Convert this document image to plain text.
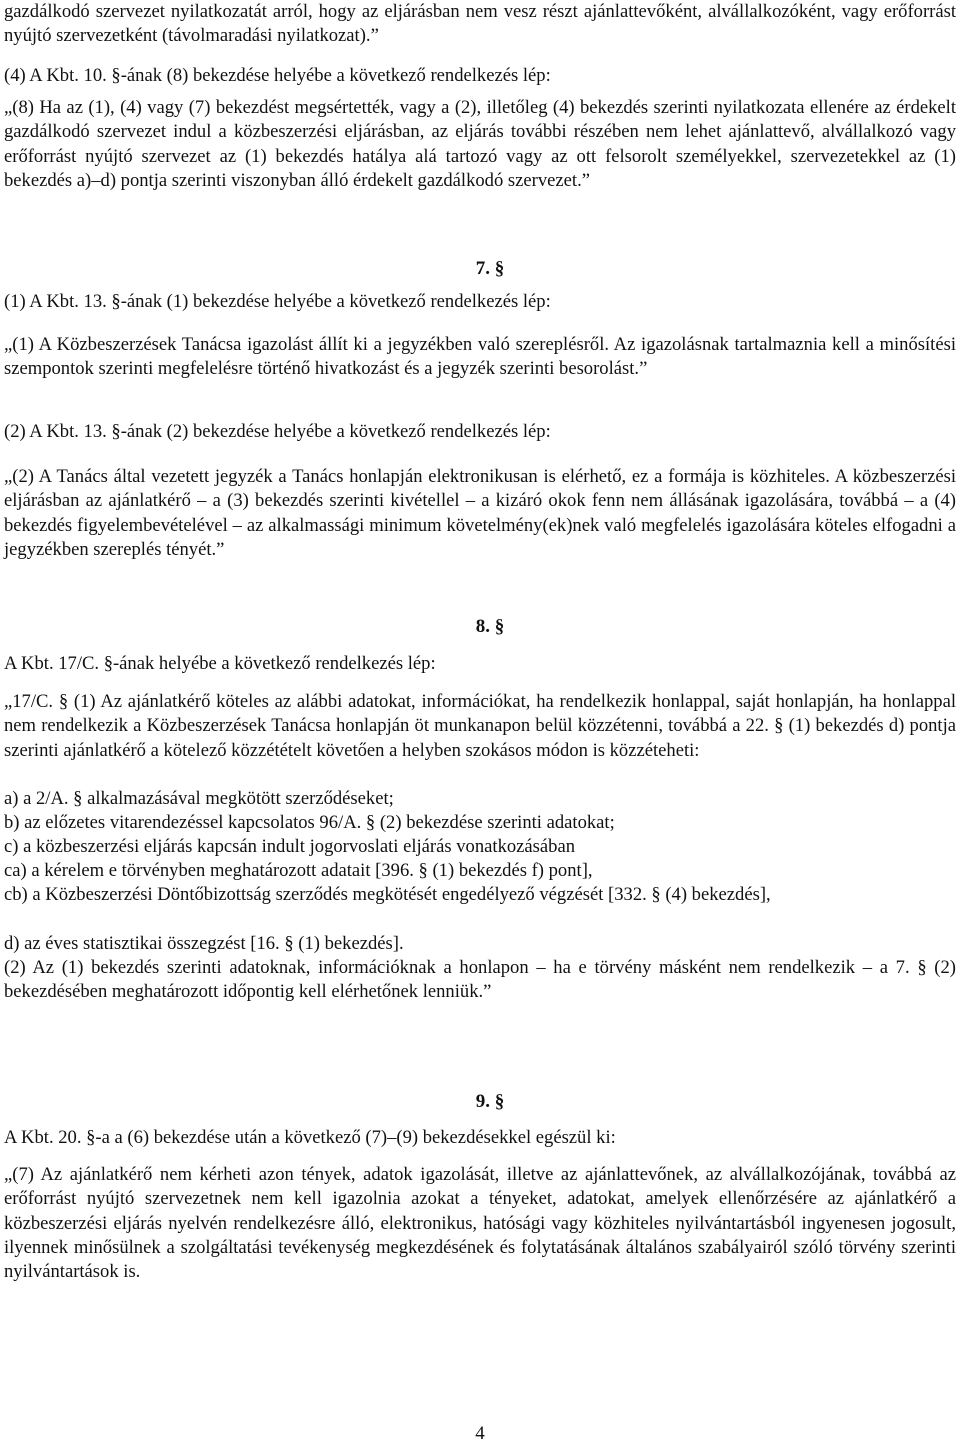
gazdálkodó szervezet nyilatkozatát arról, hogy az eljárásban nem vesz részt ajánlattevőként, alvállalkozóként, vagy erőforrást nyújtó szervezetként (távolmaradási nyilatkozat).”

(4) A Kbt. 10. §-ának (8) bekezdése helyébe a következő rendelkezés lép:

„(8) Ha az (1), (4) vagy (7) bekezdést megsértették, vagy a (2), illetőleg (4) bekezdés szerinti nyilatkozata ellenére az érdekelt gazdálkodó szervezet indul a közbeszerzési eljárásban, az eljárás további részében nem lehet ajánlattevő, alvállalkozó vagy erőforrást nyújtó szervezet az (1) bekezdés hatálya alá tartozó vagy az ott felsorolt személyekkel, szervezetekkel az (1) bekezdés a)–d) pontja szerinti viszonyban álló érdekelt gazdálkodó szervezet.”

7. §

(1) A Kbt. 13. §-ának (1) bekezdése helyébe a következő rendelkezés lép:

„(1) A Közbeszerzések Tanácsa igazolást állít ki a jegyzékben való szereplésről. Az igazolásnak tartalmaznia kell a minősítési szempontok szerinti megfelelésre történő hivatkozást és a jegyzék szerinti besorolást.”

(2) A Kbt. 13. §-ának (2) bekezdése helyébe a következő rendelkezés lép:

„(2) A Tanács által vezetett jegyzék a Tanács honlapján elektronikusan is elérhető, ez a formája is közhiteles. A közbeszerzési eljárásban az ajánlatkérő – a (3) bekezdés szerinti kivétellel – a kizáró okok fenn nem állásának igazolására, továbbá – a (4) bekezdés figyelembevételével – az alkalmassági minimum követelmény(ek)nek való megfelelés igazolására köteles elfogadni a jegyzékben szereplés tényét.”

8. §

A Kbt. 17/C. §-ának helyébe a következő rendelkezés lép:

„17/C. § (1) Az ajánlatkérő köteles az alábbi adatokat, információkat, ha rendelkezik honlappal, saját honlapján, ha honlappal nem rendelkezik a Közbeszerzések Tanácsa honlapján öt munkanapon belül közzétenni, továbbá a 22. § (1) bekezdés d) pontja szerinti ajánlatkérő a kötelező közzétételt követően a helyben szokásos módon is közzéteheti:

a) a 2/A. § alkalmazásával megkötött szerződéseket;

b) az előzetes vitarendezéssel kapcsolatos 96/A. § (2) bekezdése szerinti adatokat;

c) a közbeszerzési eljárás kapcsán indult jogorvoslati eljárás vonatkozásában

ca) a kérelem e törvényben meghatározott adatait [396. § (1) bekezdés f) pont],

cb) a Közbeszerzési Döntőbizottság szerződés megkötését engedélyező végzését [332. § (4) bekezdés],

d) az éves statisztikai összegzést [16. § (1) bekezdés].

(2) Az (1) bekezdés szerinti adatoknak, információknak a honlapon – ha e törvény másként nem rendelkezik – a 7. § (2) bekezdésében meghatározott időpontig kell elérhetőnek lenniük.”

9. §

A Kbt. 20. §-a a (6) bekezdése után a következő (7)–(9) bekezdésekkel egészül ki:

„(7) Az ajánlatkérő nem kérheti azon tények, adatok igazolását, illetve az ajánlattevőnek, az alvállalkozójának, továbbá az erőforrást nyújtó szervezetnek nem kell igazolnia azokat a tényeket, adatokat, amelyek ellenőrzésére az ajánlatkérő a közbeszerzési eljárás nyelvén rendelkezésre álló, elektronikus, hatósági vagy közhiteles nyilvántartásból ingyenesen jogosult, ilyennek minősülnek a szolgáltatási tevékenység megkezdésének és folytatásának általános szabályairól szóló törvény szerinti nyilvántartások is.

4
